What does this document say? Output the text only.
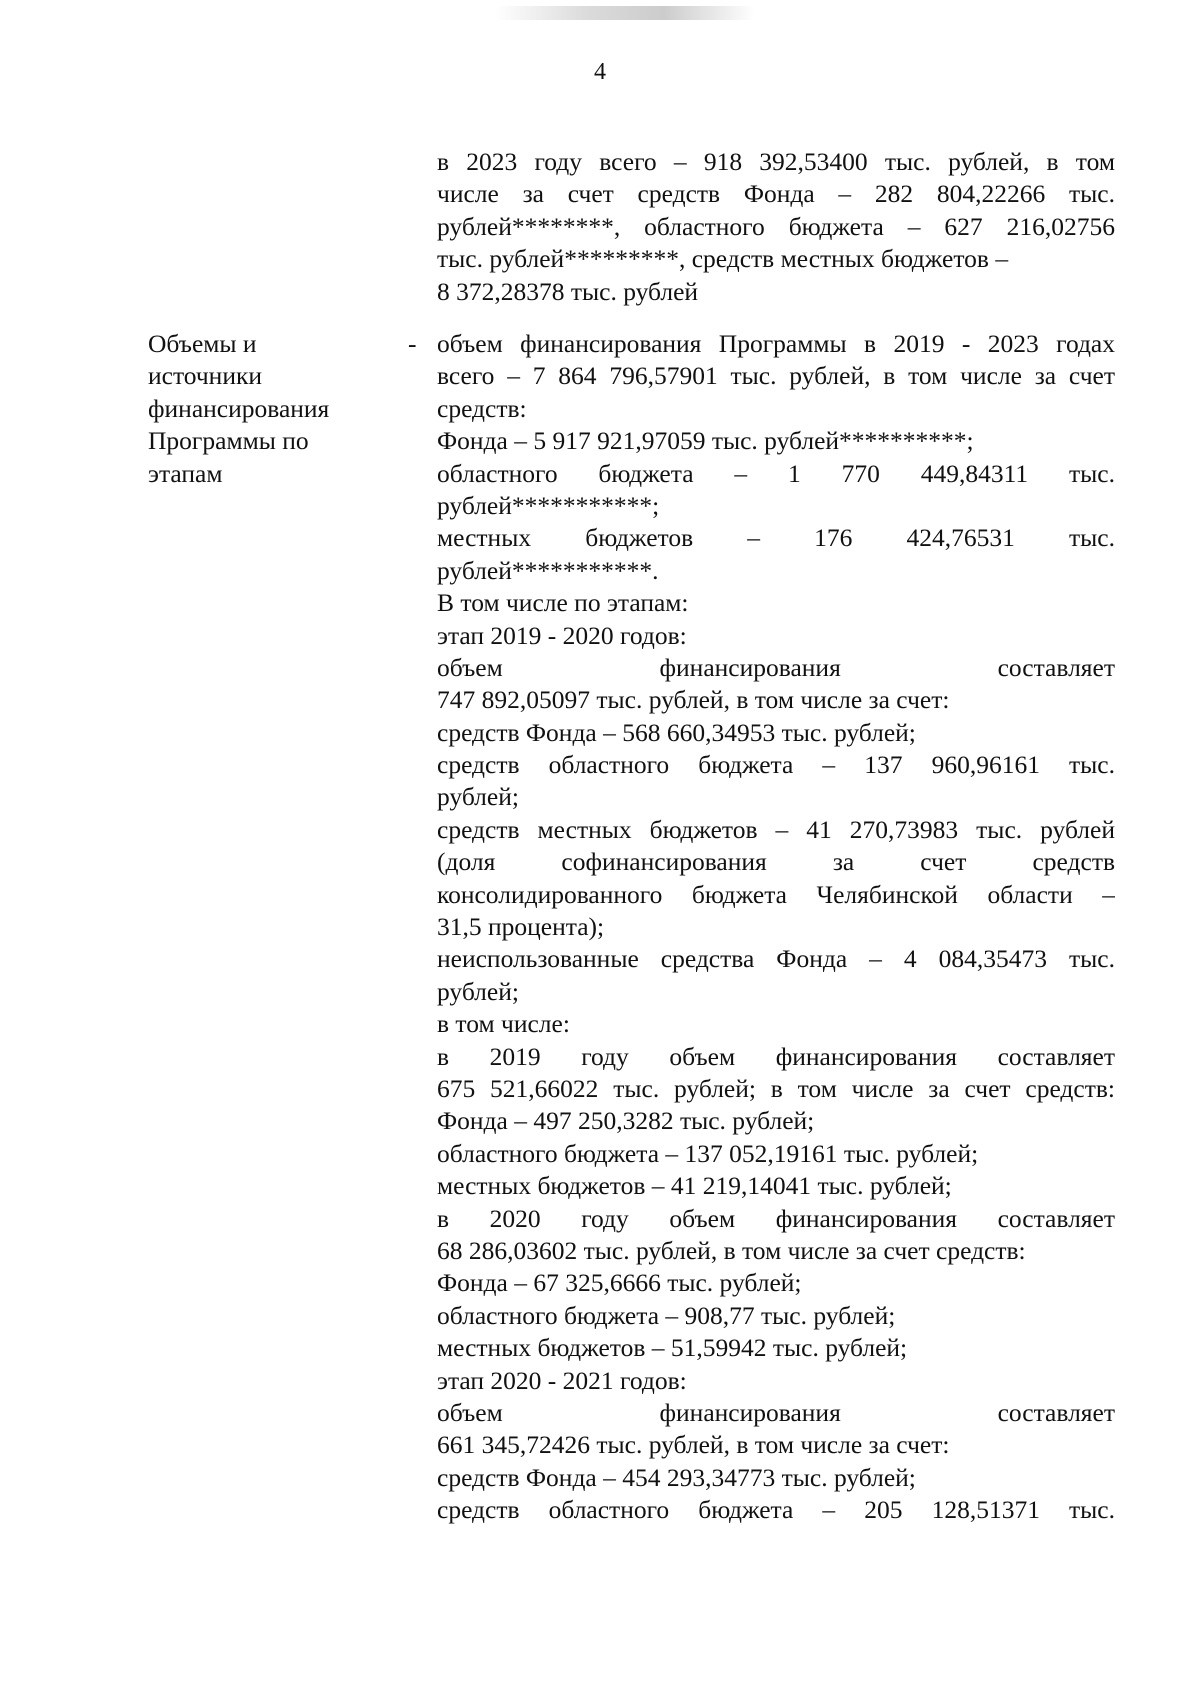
4
в 2023 году всего – 918 392,53400 тыс. рублей, в том
числе за счет средств Фонда – 282 804,22266 тыс.
рублей********, областного бюджета – 627 216,02756
тыс. рублей*********, средств местных бюджетов –
8 372,28378 тыс. рублей
Объемы и
источники
финансирования
Программы по
этапам
- объем финансирования Программы в 2019 - 2023 годах
всего – 7 864 796,57901 тыс. рублей, в том числе за счет
средств:
Фонда – 5 917 921,97059 тыс. рублей**********;
областного бюджета – 1 770 449,84311 тыс.
рублей***********;
местных бюджетов – 176 424,76531 тыс.
рублей***********.
В том числе по этапам:
этап 2019 - 2020 годов:
объем финансирования составляет
747 892,05097 тыс. рублей, в том числе за счет:
средств Фонда – 568 660,34953 тыс. рублей;
средств областного бюджета – 137 960,96161 тыс.
рублей;
средств местных бюджетов – 41 270,73983 тыс. рублей
(доля софинансирования за счет средств
консолидированного бюджета Челябинской области –
31,5 процента);
неиспользованные средства Фонда – 4 084,35473 тыс.
рублей;
в том числе:
в 2019 году объем финансирования составляет
675 521,66022 тыс. рублей; в том числе за счет средств:
Фонда – 497 250,3282 тыс. рублей;
областного бюджета – 137 052,19161 тыс. рублей;
местных бюджетов – 41 219,14041 тыс. рублей;
в 2020 году объем финансирования составляет
68 286,03602 тыс. рублей, в том числе за счет средств:
Фонда – 67 325,6666 тыс. рублей;
областного бюджета – 908,77 тыс. рублей;
местных бюджетов – 51,59942 тыс. рублей;
этап 2020 - 2021 годов:
объем финансирования составляет
661 345,72426 тыс. рублей, в том числе за счет:
средств Фонда – 454 293,34773 тыс. рублей;
средств областного бюджета – 205 128,51371 тыс.
